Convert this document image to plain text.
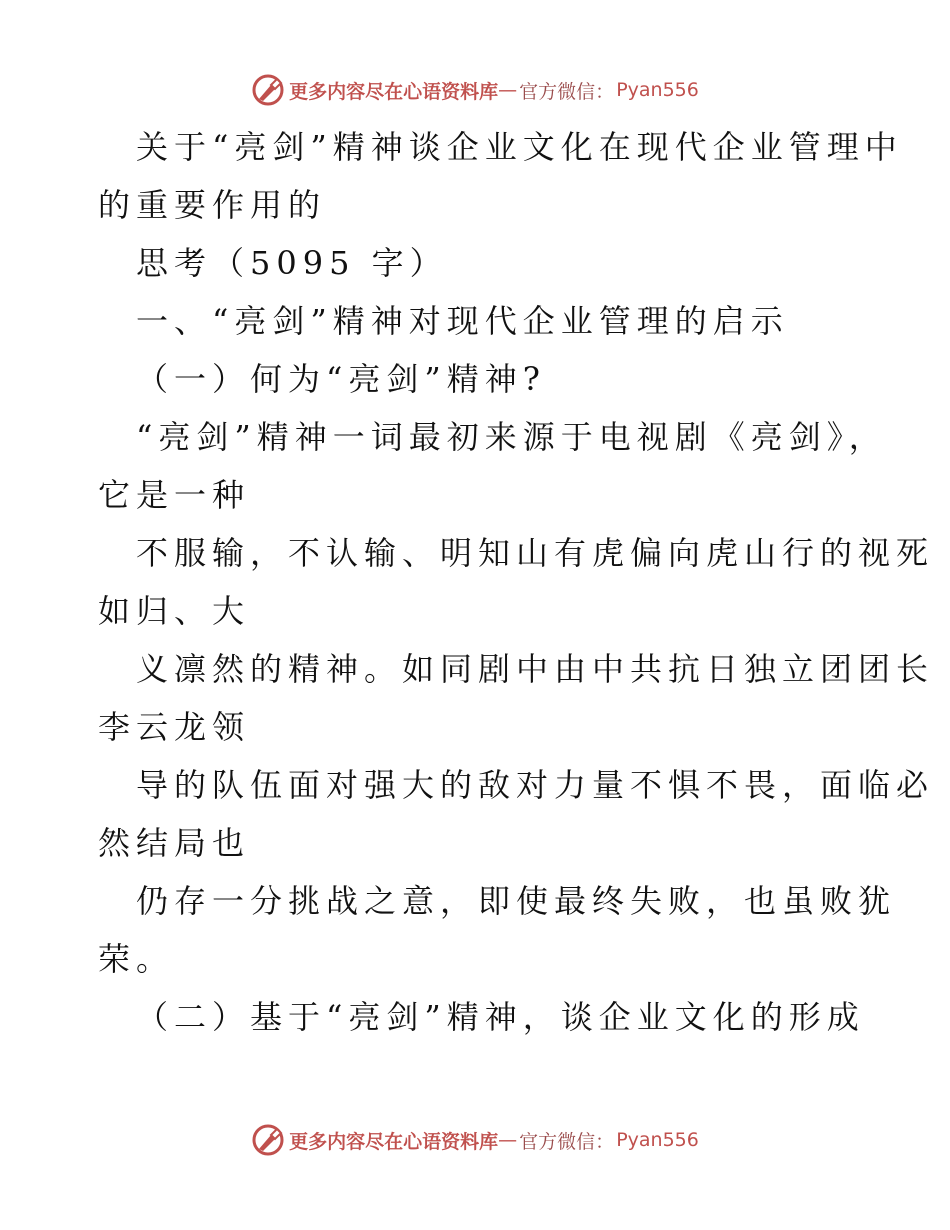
更多内容尽在心语资料库 — 官方微信： Pyan556
关于“亮剑”精神谈企业文化在现代企业管理中
的重要作用的
思考（5095 字）
一、“亮剑”精神对现代企业管理的启示
（一）何为“亮剑”精神?
“亮剑”精神一词最初来源于电视剧《亮剑》，
它是一种
不服输，不认输、明知山有虎偏向虎山行的视死
如归、大
义凛然的精神。如同剧中由中共抗日独立团团长
李云龙领
导的队伍面对强大的敌对力量不惧不畏，面临必
然结局也
仍存一分挑战之意，即使最终失败，也虽败犹
荣。
（二）基于“亮剑”精神，谈企业文化的形成
更多内容尽在心语资料库 — 官方微信： Pyan556
